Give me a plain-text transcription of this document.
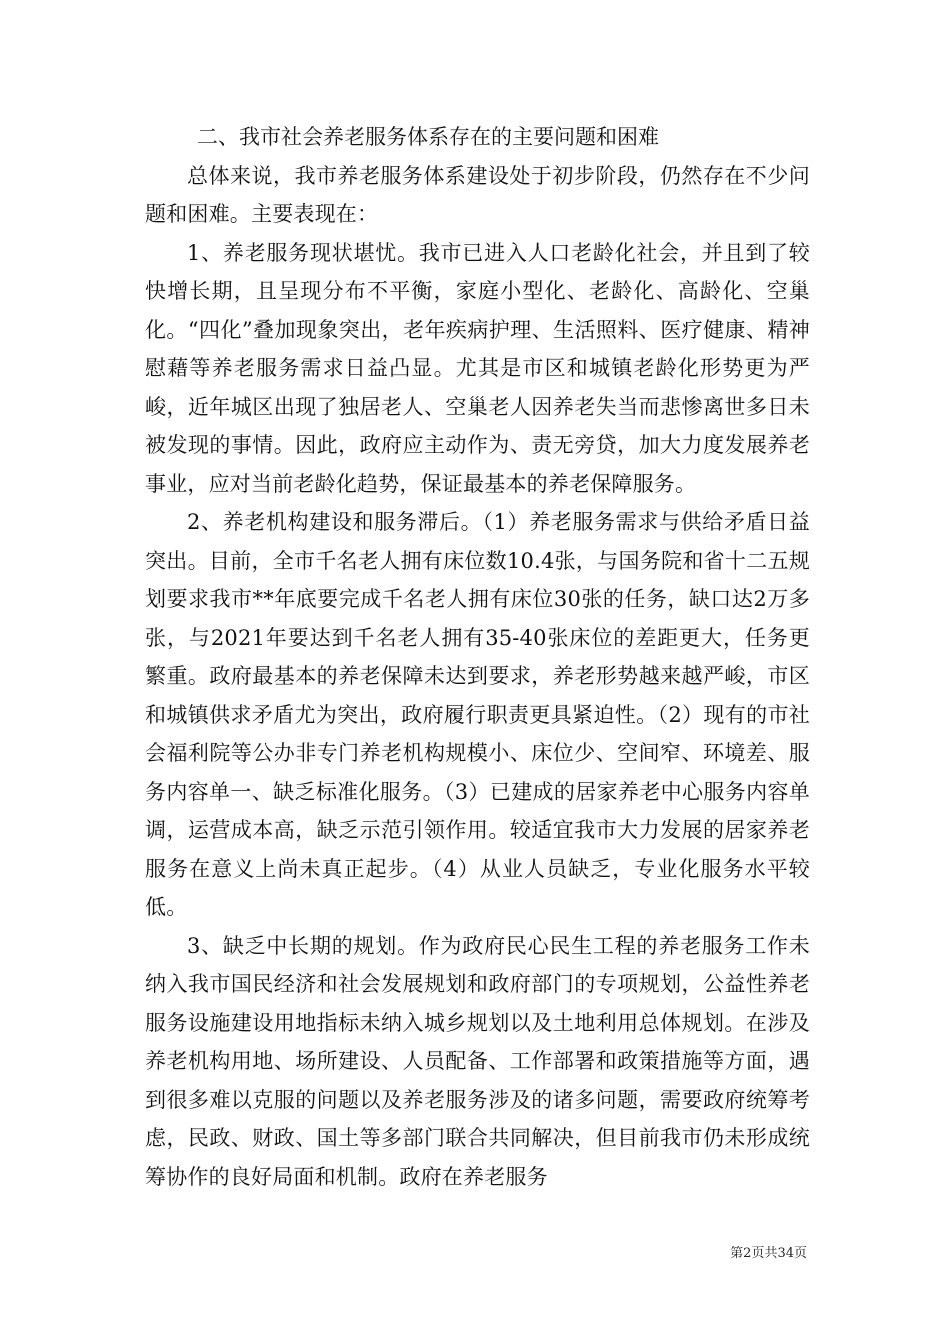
二、我市社会养老服务体系存在的主要问题和困难

总体来说，我市养老服务体系建设处于初步阶段，仍然存在不少问题和困难。主要表现在：

1、养老服务现状堪忧。我市已进入人口老龄化社会，并且到了较快增长期，且呈现分布不平衡，家庭小型化、老龄化、高龄化、空巢化。“四化”叠加现象突出，老年疾病护理、生活照料、医疗健康、精神慰藉等养老服务需求日益凸显。尤其是市区和城镇老龄化形势更为严峻，近年城区出现了独居老人、空巢老人因养老失当而悲惨离世多日未被发现的事情。因此，政府应主动作为、责无旁贷，加大力度发展养老事业，应对当前老龄化趋势，保证最基本的养老保障服务。

2、养老机构建设和服务滞后。（1）养老服务需求与供给矛盾日益突出。目前，全市千名老人拥有床位数10.4张，与国务院和省十二五规划要求我市**年底要完成千名老人拥有床位30张的任务，缺口达2万多张，与2021年要达到千名老人拥有35-40张床位的差距更大，任务更繁重。政府最基本的养老保障未达到要求，养老形势越来越严峻，市区和城镇供求矛盾尤为突出，政府履行职责更具紧迫性。（2）现有的市社会福利院等公办非专门养老机构规模小、床位少、空间窄、环境差、服务内容单一、缺乏标准化服务。（3）已建成的居家养老中心服务内容单调，运营成本高，缺乏示范引领作用。较适宜我市大力发展的居家养老服务在意义上尚未真正起步。（4）从业人员缺乏，专业化服务水平较低。

3、缺乏中长期的规划。作为政府民心民生工程的养老服务工作未纳入我市国民经济和社会发展规划和政府部门的专项规划，公益性养老服务设施建设用地指标未纳入城乡规划以及土地利用总体规划。在涉及养老机构用地、场所建设、人员配备、工作部署和政策措施等方面，遇到很多难以克服的问题以及养老服务涉及的诸多问题，需要政府统筹考虑，民政、财政、国土等多部门联合共同解决，但目前我市仍未形成统筹协作的良好局面和机制。政府在养老服务

第2页共34页
